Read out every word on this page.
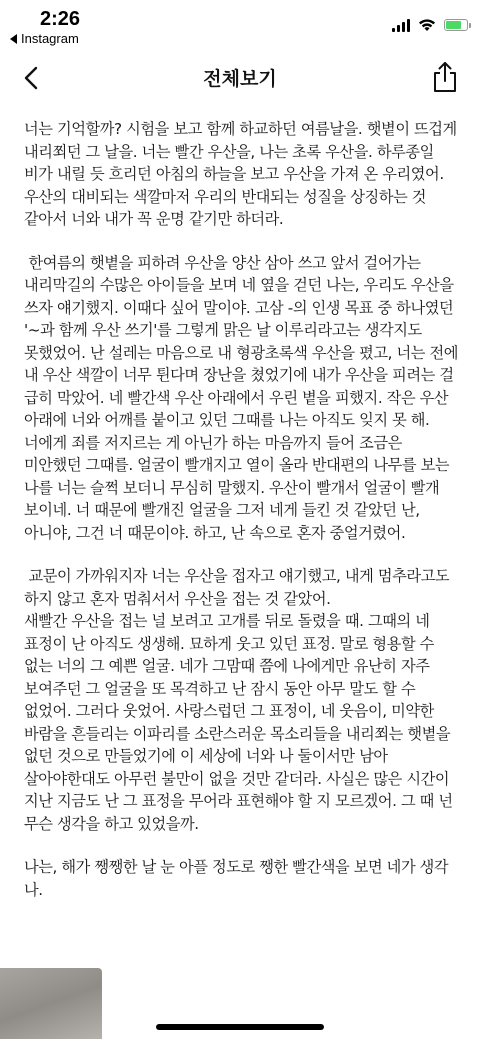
2:26
Instagram
전체보기

너는 기억할까? 시험을 보고 함께 하교하던 여름날을. 햇볕이 뜨겁게 내리쬐던 그 날을. 너는 빨간 우산을, 나는 초록 우산을. 하루종일 비가 내릴 듯 흐리던 아침의 하늘을 보고 우산을 가져 온 우리였어. 우산의 대비되는 색깔마저 우리의 반대되는 성질을 상징하는 것 같아서 너와 내가 꼭 운명 같기만 하더라.

한여름의 햇볕을 피하려 우산을 양산 삼아 쓰고 앞서 걸어가는 내리막길의 수많은 아이들을 보며 네 옆을 걷던 나는, 우리도 우산을 쓰자 얘기했지. 이때다 싶어 말이야. 고삼 -의 인생 목표 중 하나였던 '~과 함께 우산 쓰기'를 그렇게 맑은 날 이루리라고는 생각지도 못했었어. 난 설레는 마음으로 내 형광초록색 우산을 폈고, 너는 전에 내 우산 색깔이 너무 튄다며 장난을 쳤었기에 내가 우산을 피려는 걸 급히 막았어. 네 빨간색 우산 아래에서 우린 볕을 피했지. 작은 우산 아래에 너와 어깨를 붙이고 있던 그때를 나는 아직도 잊지 못 해. 너에게 죄를 저지르는 게 아닌가 하는 마음까지 들어 조금은 미안했던 그때를. 얼굴이 빨개지고 열이 올라 반대편의 나무를 보는 나를 너는 슬쩍 보더니 무심히 말했지. 우산이 빨개서 얼굴이 빨개 보이네. 너 때문에 빨개진 얼굴을 그저 네게 들킨 것 같았던 난, 아니야, 그건 너 때문이야. 하고, 난 속으로 혼자 중얼거렸어.

교문이 가까워지자 너는 우산을 접자고 얘기했고, 내게 멈추라고도 하지 않고 혼자 멈춰서서 우산을 접는 것 같았어.
새빨간 우산을 접는 널 보려고 고개를 뒤로 돌렸을 때. 그때의 네 표정이 난 아직도 생생해. 묘하게 웃고 있던 표정. 말로 형용할 수 없는 너의 그 예쁜 얼굴. 네가 그맘때 쯤에 나에게만 유난히 자주 보여주던 그 얼굴을 또 목격하고 난 잠시 동안 아무 말도 할 수 없었어. 그러다 웃었어. 사랑스럽던 그 표정이, 네 웃음이, 미약한 바람을 흔들리는 이파리를 소란스러운 목소리들을 내리쬐는 햇볕을 없던 것으로 만들었기에 이 세상에 너와 나 둘이서만 남아 살아야한대도 아무런 불만이 없을 것만 같더라. 사실은 많은 시간이 지난 지금도 난 그 표정을 무어라 표현해야 할 지 모르겠어. 그 때 넌 무슨 생각을 하고 있었을까.

나는, 해가 쨍쨍한 날 눈 아플 정도로 쨍한 빨간색을 보면 네가 생각 나.
